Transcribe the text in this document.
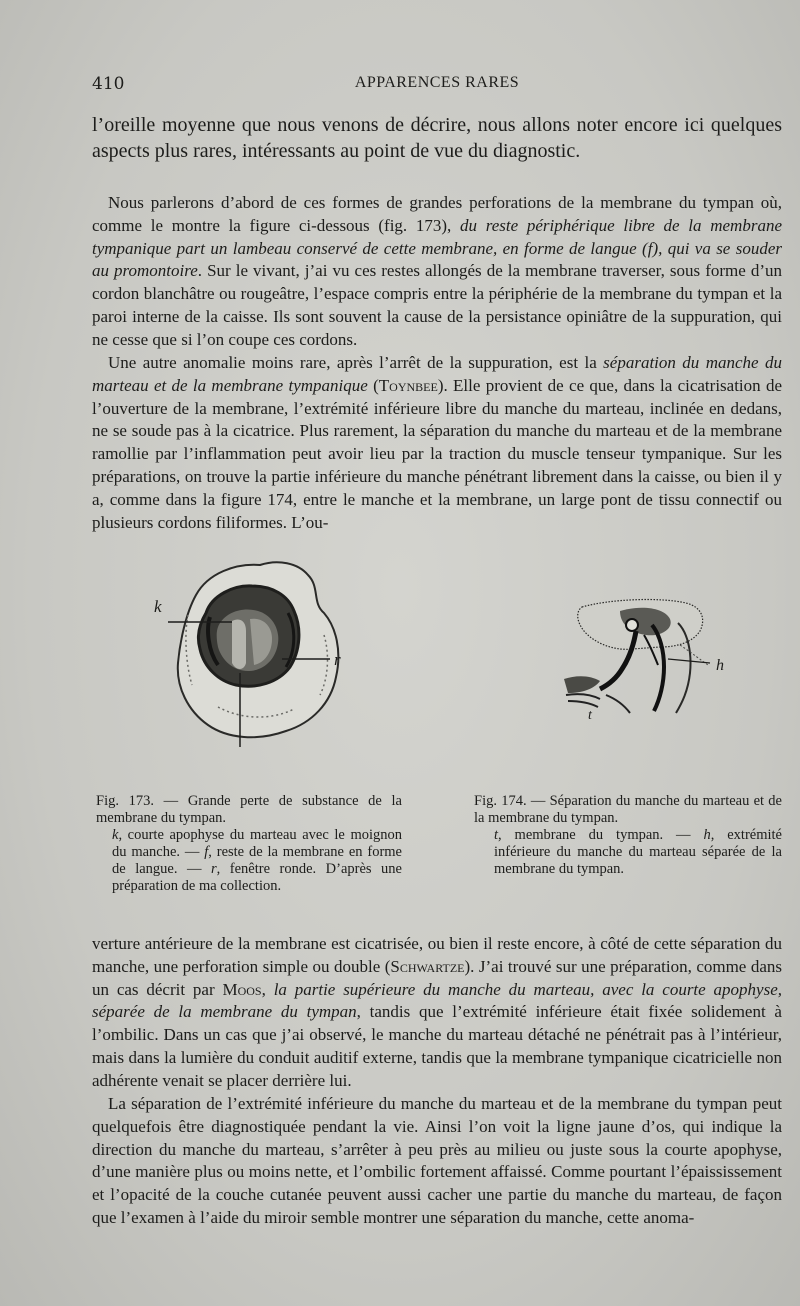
410	APPARENCES RARES

l’oreille moyenne que nous venons de décrire, nous allons noter encore ici quelques aspects plus rares, intéressants au point de vue du diagnostic.

Nous parlerons d’abord de ces formes de grandes perforations de la membrane du tympan où, comme le montre la figure ci-dessous (fig. 173), du reste périphérique libre de la membrane tympanique part un lambeau conservé de cette membrane, en forme de langue (f), qui va se souder au promontoire. Sur le vivant, j’ai vu ces restes allongés de la membrane traverser, sous forme d’un cordon blanchâtre ou rougeâtre, l’espace compris entre la périphérie de la membrane du tympan et la paroi interne de la caisse. Ils sont souvent la cause de la persistance opiniâtre de la suppuration, qui ne cesse que si l’on coupe ces cordons.

Une autre anomalie moins rare, après l’arrêt de la suppuration, est la séparation du manche du marteau et de la membrane tympanique (Toynbee). Elle provient de ce que, dans la cicatrisation de l’ouverture de la membrane, l’extrémité inférieure libre du manche du marteau, inclinée en dedans, ne se soude pas à la cicatrice. Plus rarement, la séparation du manche du marteau et de la membrane ramollie par l’inflammation peut avoir lieu par la traction du muscle tenseur tympanique. Sur les préparations, on trouve la partie inférieure du manche pénétrant librement dans la caisse, ou bien il y a, comme dans la figure 174, entre le manche et la membrane, un large pont de tissu connectif ou plusieurs cordons filiformes. L’ou-

k
r	h
t
Fig. 173. — Grande perte de substance de la membrane du tympan.
k, courte apophyse du marteau avec le moignon du manche. — f, reste de la membrane en forme de langue. — r, fenêtre ronde. D’après une préparation de ma collection.
Fig. 174. — Séparation du manche du marteau et de la membrane du tympan.
t, membrane du tympan. — h, extrémité inférieure du manche du marteau séparée de la membrane du tympan.

verture antérieure de la membrane est cicatrisée, ou bien il reste encore, à côté de cette séparation du manche, une perforation simple ou double (Schwartze). J’ai trouvé sur une préparation, comme dans un cas décrit par Moos, la partie supérieure du manche du marteau, avec la courte apophyse, séparée de la membrane du tympan, tandis que l’extrémité inférieure était fixée solidement à l’ombilic. Dans un cas que j’ai observé, le manche du marteau détaché ne pénétrait pas à l’intérieur, mais dans la lumière du conduit auditif externe, tandis que la membrane tympanique cicatricielle non adhérente venait se placer derrière lui.

La séparation de l’extrémité inférieure du manche du marteau et de la membrane du tympan peut quelquefois être diagnostiquée pendant la vie. Ainsi l’on voit la ligne jaune d’os, qui indique la direction du manche du marteau, s’arrêter à peu près au milieu ou juste sous la courte apophyse, d’une manière plus ou moins nette, et l’ombilic fortement affaissé. Comme pourtant l’épaississement et l’opacité de la couche cutanée peuvent aussi cacher une partie du manche du marteau, de façon que l’examen à l’aide du miroir semble montrer une séparation du manche, cette anoma-
